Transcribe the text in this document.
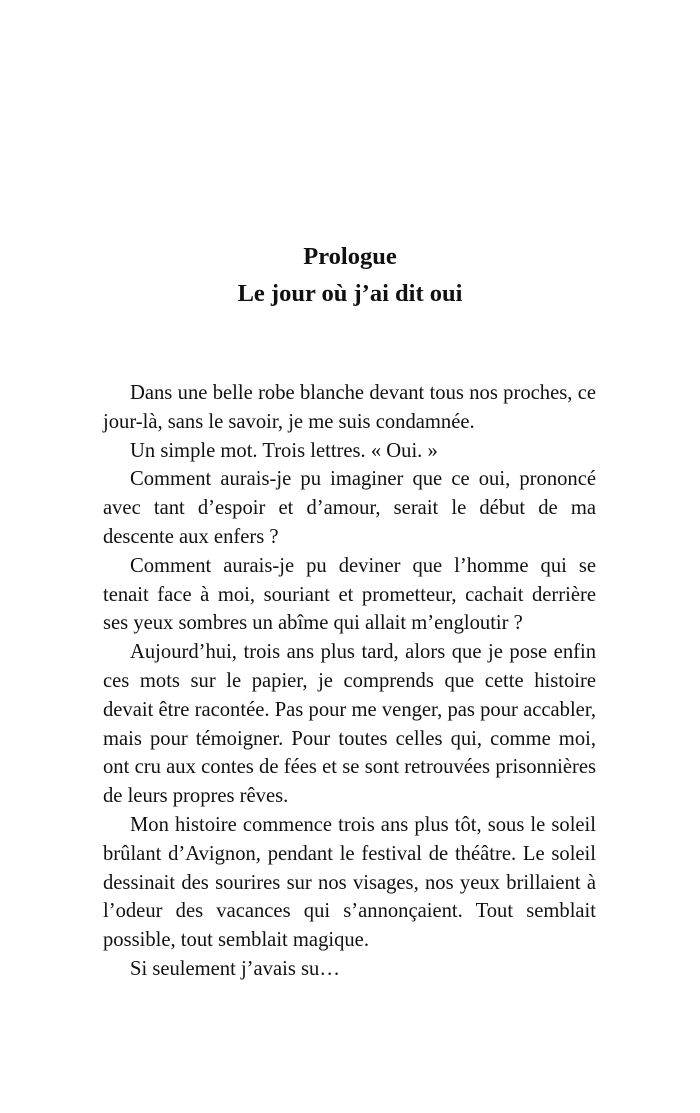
Prologue
Le jour où j’ai dit oui

Dans une belle robe blanche devant tous nos proches, ce jour-là, sans le savoir, je me suis condamnée.

Un simple mot. Trois lettres. « Oui. »

Comment aurais-je pu imaginer que ce oui, prononcé avec tant d’espoir et d’amour, serait le début de ma descente aux enfers ?

Comment aurais-je pu deviner que l’homme qui se tenait face à moi, souriant et prometteur, cachait derrière ses yeux sombres un abîme qui allait m’engloutir ?

Aujourd’hui, trois ans plus tard, alors que je pose enfin ces mots sur le papier, je comprends que cette histoire devait être racontée. Pas pour me venger, pas pour accabler, mais pour témoigner. Pour toutes celles qui, comme moi, ont cru aux contes de fées et se sont retrouvées prisonnières de leurs propres rêves.

Mon histoire commence trois ans plus tôt, sous le soleil brûlant d’Avignon, pendant le festival de théâtre. Le soleil dessinait des sourires sur nos visages, nos yeux brillaient à l’odeur des vacances qui s’annonçaient. Tout semblait possible, tout semblait magique.

Si seulement j’avais su…
